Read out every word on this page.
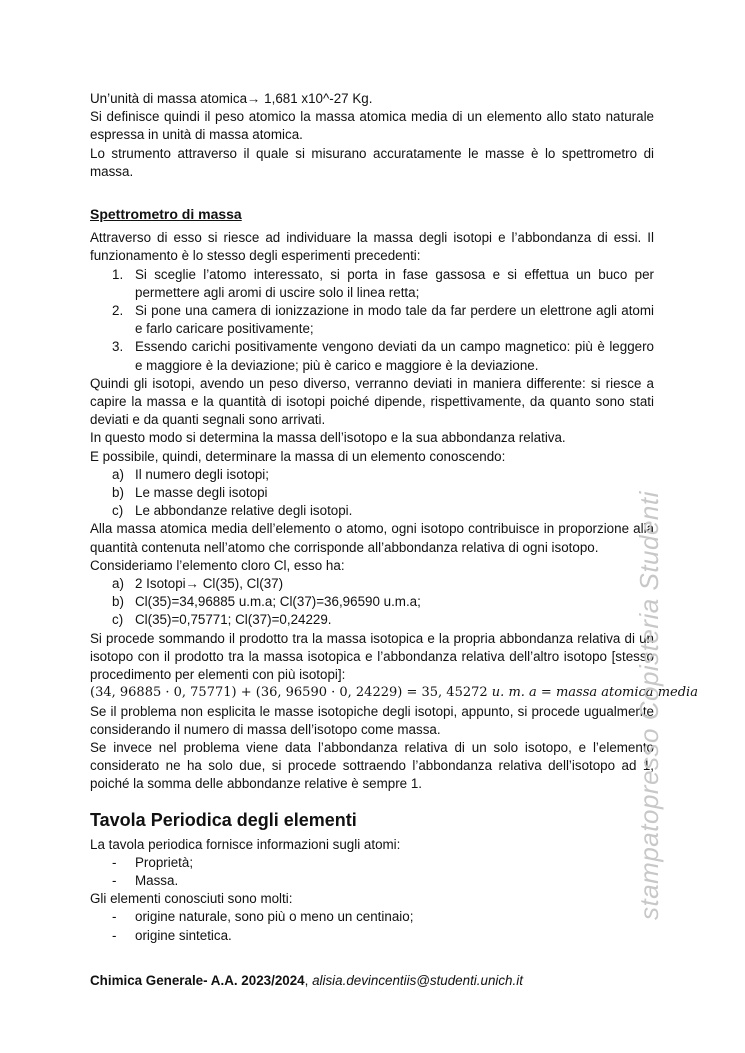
Un’unità di massa atomica→ 1,681 x10^-27 Kg.

Si definisce quindi il peso atomico la massa atomica media di un elemento allo stato naturale espressa in unità di massa atomica.

Lo strumento attraverso il quale si misurano accuratamente le masse è lo spettrometro di massa.

Spettrometro di massa

Attraverso di esso si riesce ad individuare la massa degli isotopi e l’abbondanza di essi. Il funzionamento è lo stesso degli esperimenti precedenti:

1. Si sceglie l’atomo interessato, si porta in fase gassosa e si effettua un buco per permettere agli aromi di uscire solo il linea retta;
2. Si pone una camera di ionizzazione in modo tale da far perdere un elettrone agli atomi e farlo caricare positivamente;
3. Essendo carichi positivamente vengono deviati da un campo magnetico: più è leggero e maggiore è la deviazione; più è carico e maggiore è la deviazione.

Quindi gli isotopi, avendo un peso diverso, verranno deviati in maniera differente: si riesce a capire la massa e la quantità di isotopi poiché dipende, rispettivamente, da quanto sono stati deviati e da quanti segnali sono arrivati.

In questo modo si determina la massa dell’isotopo e la sua abbondanza relativa.

E possibile, quindi, determinare la massa di un elemento conoscendo:

a) Il numero degli isotopi;
b) Le masse degli isotopi
c) Le abbondanze relative degli isotopi.

Alla massa atomica media dell’elemento o atomo, ogni isotopo contribuisce in proporzione alla quantità contenuta nell’atomo che corrisponde all’abbondanza relativa di ogni isotopo.

Consideriamo l’elemento cloro Cl, esso ha:

a) 2 Isotopi→ Cl(35), Cl(37)
b) Cl(35)=34,96885 u.m.a; Cl(37)=36,96590 u.m.a;
c) Cl(35)=0,75771; Cl(37)=0,24229.

Si procede sommando il prodotto tra la massa isotopica e la propria abbondanza relativa di un isotopo con il prodotto tra la massa isotopica e l’abbondanza relativa dell’altro isotopo [stesso procedimento per elementi con più isotopi]:

(34, 96885 · 0, 75771) + (36, 96590 · 0, 24229) = 35, 45272 u. m. a = massa atomica media

Se il problema non esplicita le masse isotopiche degli isotopi, appunto, si procede ugualmente considerando il numero di massa dell’isotopo come massa.

Se invece nel problema viene data l’abbondanza relativa di un solo isotopo, e l’elemento considerato ne ha solo due, si procede sottraendo l’abbondanza relativa dell’isotopo ad 1, poiché la somma delle abbondanze relative è sempre 1.

Tavola Periodica degli elementi

La tavola periodica fornisce informazioni sugli atomi:

- Proprietà;
- Massa.

Gli elementi conosciuti sono molti:

- origine naturale, sono più o meno un centinaio;
- origine sintetica.
Chimica Generale- A.A. 2023/2024, alisia.devincentiis@studenti.unich.it
stampatopresso Copisteria Studenti
